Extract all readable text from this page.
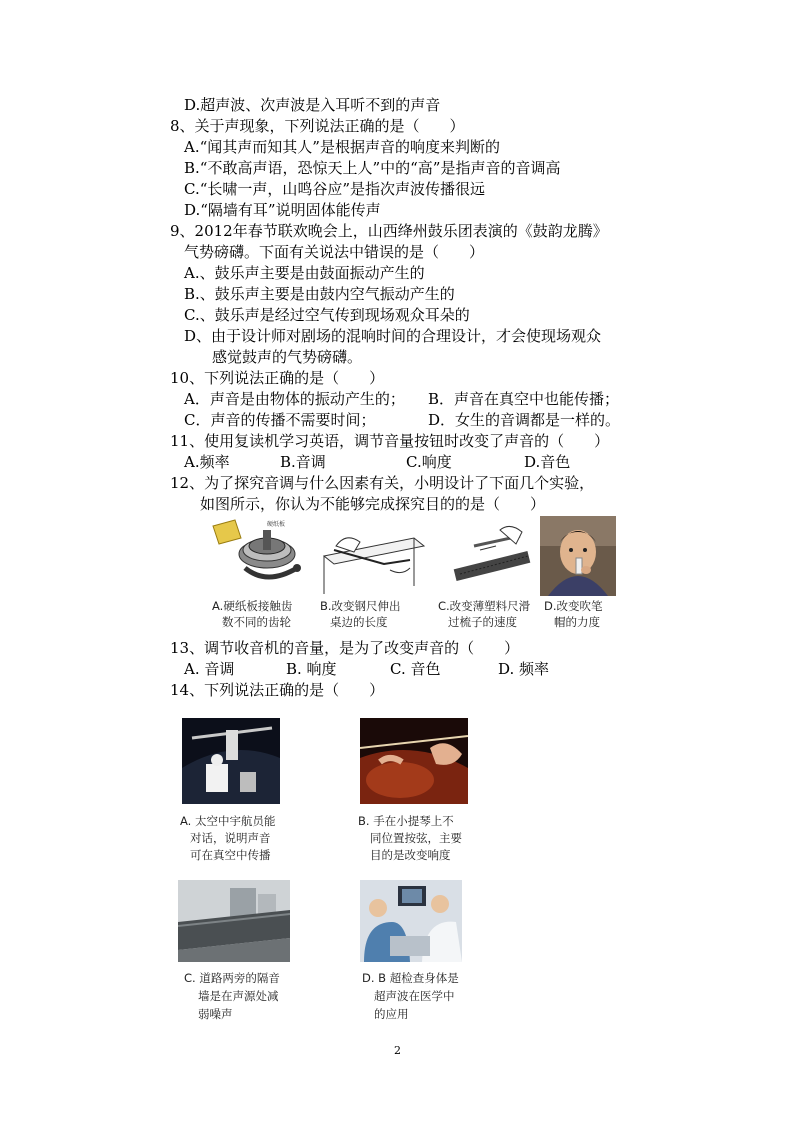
D.超声波、次声波是入耳听不到的声音
8、关于声现象，下列说法正确的是（　　）
A.“闻其声而知其人”是根据声音的响度来判断的
B.“不敢高声语，恐惊天上人”中的“高”是指声音的音调高
C.“长啸一声，山鸣谷应”是指次声波传播很远
D.“隔墙有耳”说明固体能传声
9、2012年春节联欢晚会上，山西绛州鼓乐团表演的《鼓韵龙腾》
气势磅礴。下面有关说法中错误的是（　　）
A.、鼓乐声主要是由鼓面振动产生的
B.、鼓乐声主要是由鼓内空气振动产生的
C.、鼓乐声是经过空气传到现场观众耳朵的
D、由于设计师对剧场的混响时间的合理设计，才会使现场观众
感觉鼓声的气势磅礴。
10、下列说法正确的是（　　）
A．声音是由物体的振动产生的； B．声音在真空中也能传播；
C．声音的传播不需要时间；	D．女生的音调都是一样的。
11、使用复读机学习英语，调节音量按钮时改变了声音的（　　）
A.频率	B.音调	C.响度	D.音色
12、为了探究音调与什么因素有关，小明设计了下面几个实验，
如图所示，你认为不能够完成探究目的的是（　　）
硬纸板
A.硬纸板接触齿
数不同的齿轮
B.改变钢尺伸出
桌边的长度
C.改变薄塑料尺滑
过梳子的速度
D.改变吹笔
帽的力度
13、调节收音机的音量，是为了改变声音的（　　）
A. 音调	B. 响度	C. 音色	D. 频率
14、下列说法正确的是（　　）
A. 太空中宇航员能
对话，说明声音
可在真空中传播
B. 手在小提琴上不
同位置按弦，主要
目的是改变响度
C. 道路两旁的隔音
墙是在声源处减
弱噪声
D. B 超检查身体是
超声波在医学中
的应用
2
